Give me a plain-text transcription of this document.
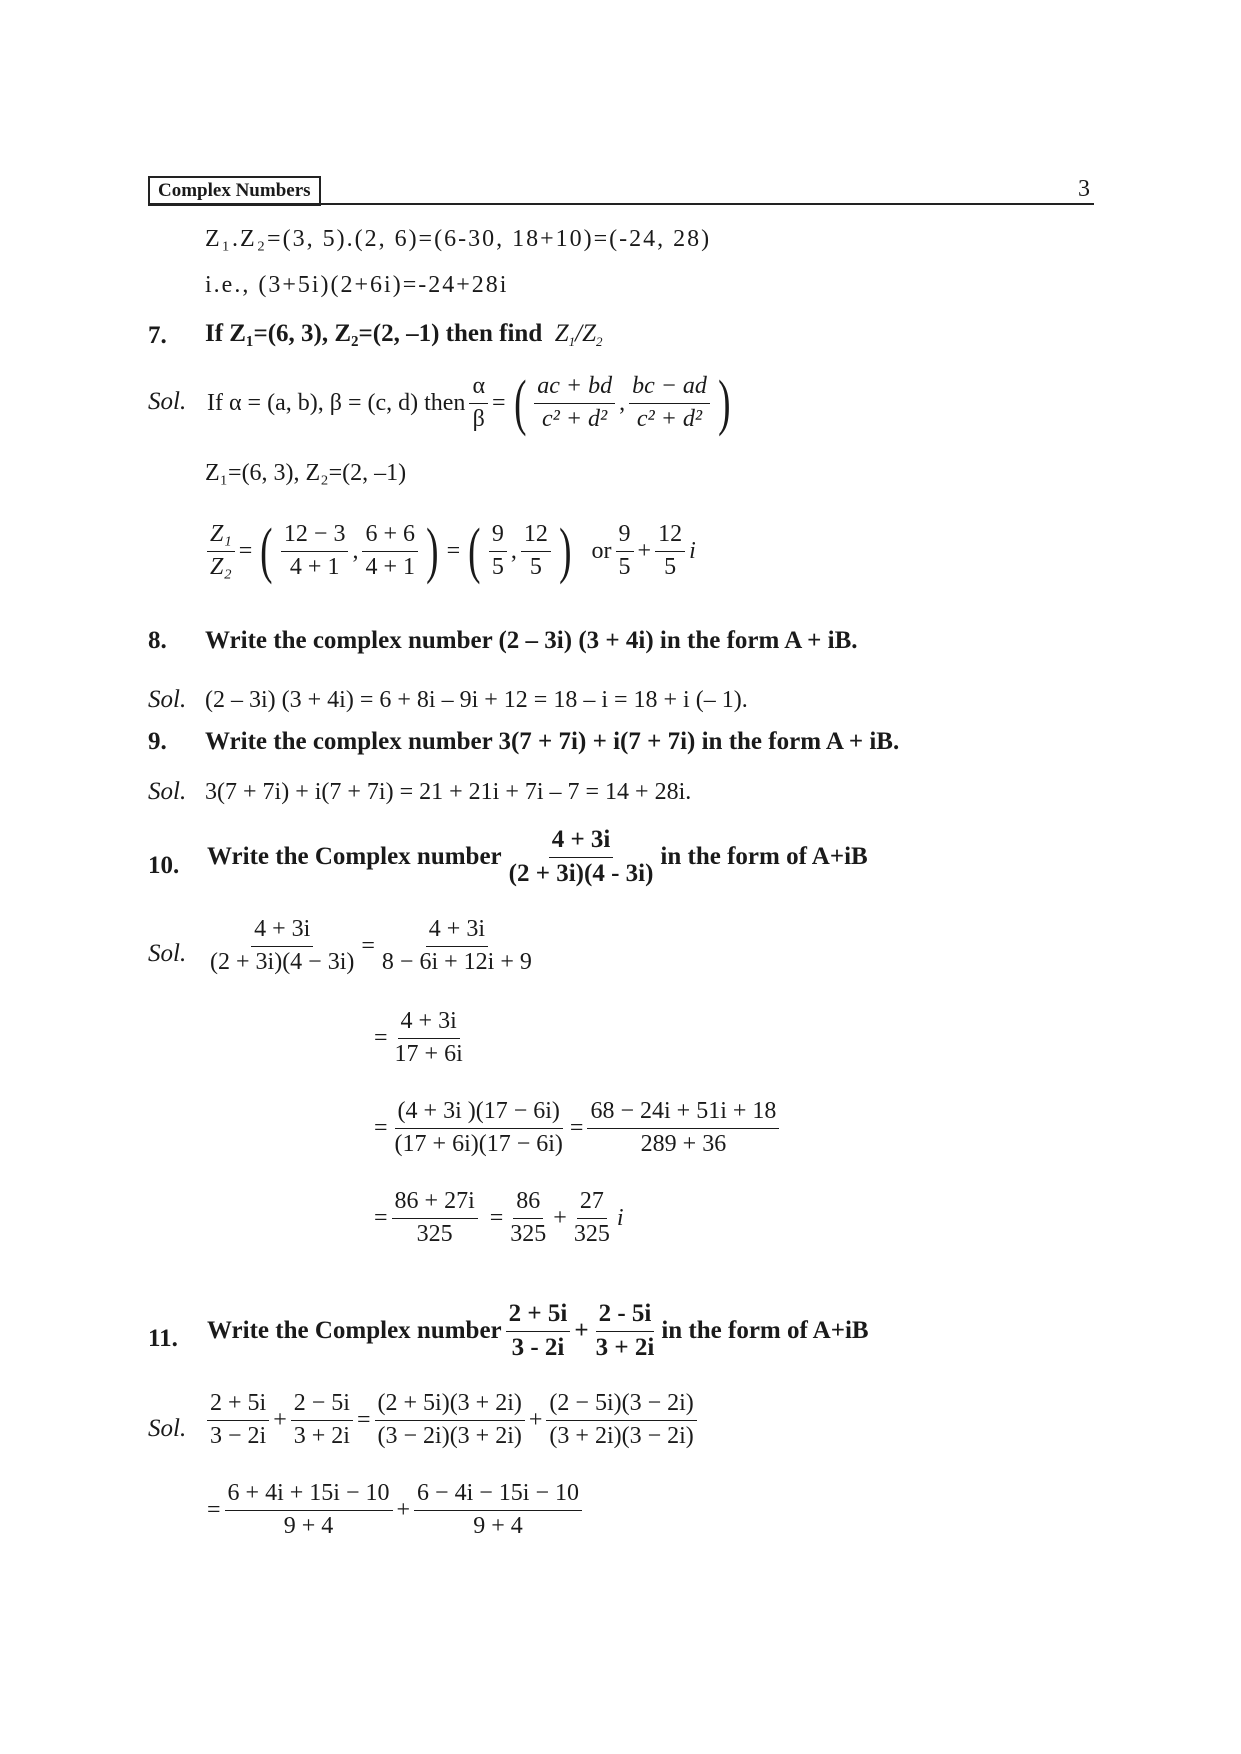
Complex Numbers	3
Z₁.Z₂=(3, 5).(2, 6)=(6-30, 18+10)=(-24, 28)
i.e., (3+5i)(2+6i)=-24+28i
7. If Z₁=(6, 3), Z₂=(2, –1) then find  $Z_1/Z_2$
Sol. If α = (a, b), β = (c, d) then $\frac{\alpha}{\beta}$ = ( $\frac{ac + bd}{\text{c² + d²}}$ , $\frac{bc - ad}{\text{c² + d²}}$ )
Z₁=(6, 3), Z₂=(2, –1)
$\frac{\text{Z₁}}{\text{Z₂}}$ = ( $\frac{12 - 3}{4 + 1}$ , $\frac{6 + 6}{4 + 1}$ ) = ( $\frac{9}{5}$ , $\frac{12}{5}$ ) or $\frac{9}{5} + \frac{12}{5}$ i
8. Write the complex number (2 – 3i) (3 + 4i) in the form A + iB.
Sol. (2 – 3i) (3 + 4i) = 6 + 8i – 9i + 12 = 18 – i = 18 + i (– 1).
9. Write the complex number 3(7 + 7i) + i(7 + 7i) in the form A + iB.
Sol. 3(7 + 7i) + i(7 + 7i) = 21 + 21i + 7i – 7 = 14 + 28i.
10. Write the Complex number $\frac{4 + 3i}{(2 + 3i)(4 - 3i)}$ in the form of A+iB
Sol. $\frac{4 + 3i}{(2 + 3i)(4 - 3i)} = \frac{4 + 3i}{8 - 6i + 12i + 9}$
= $\frac{4 + 3i}{17 + 6i}$
= $\frac{(4 + 3i )(17 - 6i)}{(17 + 6i)(17 - 6i)} = \frac{68 - 24i + 51i + 18}{289 + 36}$
= $\frac{86 + 27i}{325} = \frac{86}{325} + \frac{27}{325}$ i
11. Write the Complex number $\frac{2 + 5i}{3 - 2i} + \frac{2 - 5i}{3 + 2i}$ in the form of A+iB
Sol. $\frac{2 + 5i}{3 - 2i} + \frac{2 - 5i}{3 + 2i} = \frac{(2 + 5i)(3 + 2i)}{(3 - 2i)(3 + 2i)} + \frac{(2 - 5i)(3 - 2i)}{(3 + 2i)(3 - 2i)}$
= $\frac{6 + 4i + 15i - 10}{9 + 4} + \frac{6 - 4i - 15i - 10}{9 + 4}$
